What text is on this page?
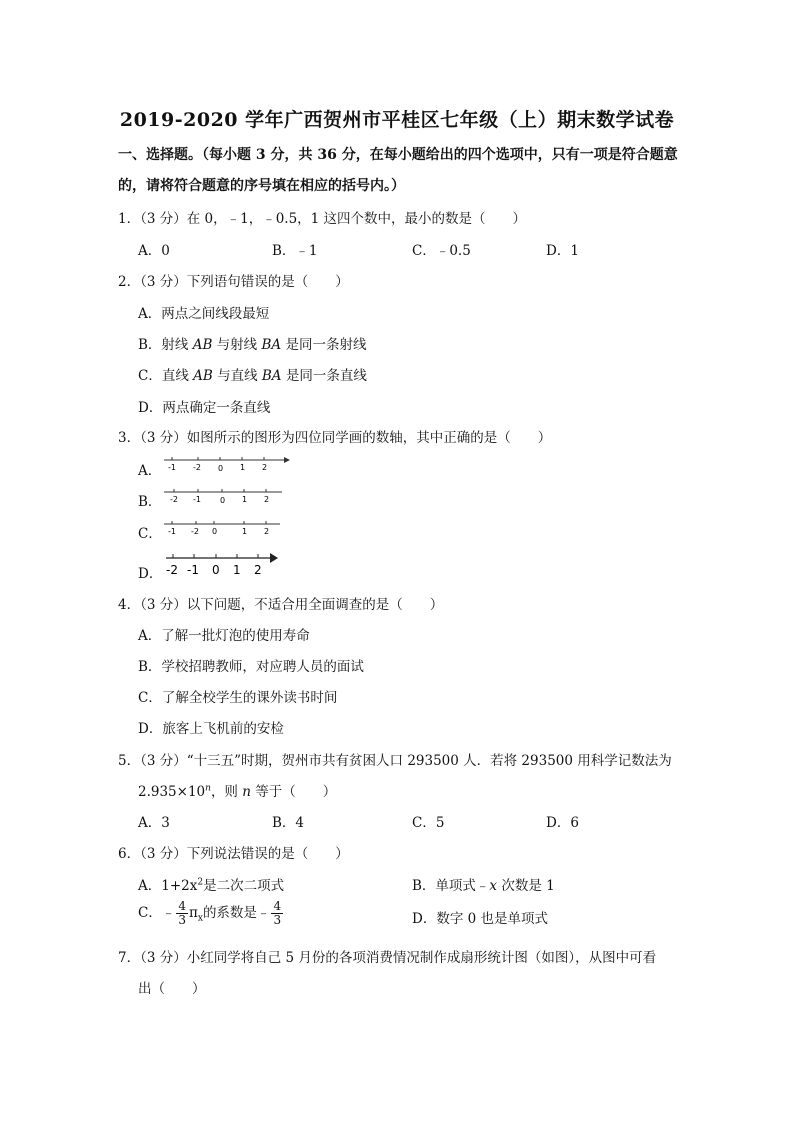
2019-2020 学年广西贺州市平桂区七年级（上）期末数学试卷
一、选择题。（每小题 3 分，共 36 分，在每小题给出的四个选项中，只有一项是符合题意
的，请将符合题意的序号填在相应的括号内。）
1．（3 分）在 0，﹣1，﹣0.5，1 这四个数中，最小的数是（　　）
A．0	B．﹣1	C．﹣0.5	D．1
2．（3 分）下列语句错误的是（　　）
A．两点之间线段最短
B．射线 AB 与射线 BA 是同一条射线
C．直线 AB 与直线 BA 是同一条直线
D．两点确定一条直线
3．（3 分）如图所示的图形为四位同学画的数轴，其中正确的是（　　）
A． -1 -2 0 1 2
B． -2 -1 0 1 2
C． -1 -2 0	1 2
D． -2 -1 0 1 2
4．（3 分）以下问题，不适合用全面调查的是（　　）
A．了解一批灯泡的使用寿命
B．学校招聘教师，对应聘人员的面试
C．了解全校学生的课外读书时间
D．旅客上飞机前的安检
5．（3 分）“十三五”时期，贺州市共有贫困人口 293500 人．若将 293500 用科学记数法为
$2.935\times 10^n$，则 n 等于（　　）
A．3	B．4	C．5	D．6
6．（3 分）下列说法错误的是（　　）
A．$1+2x^2$是二次二项式	B．单项式﹣x 次数是 1
C．﹣ $\frac{4}{3} \pi_x$的系数是﹣ $\frac{4}{3}$	D．数字 0 也是单项式
7．（3 分）小红同学将自己 5 月份的各项消费情况制作成扇形统计图（如图），从图中可看
出（　　）
